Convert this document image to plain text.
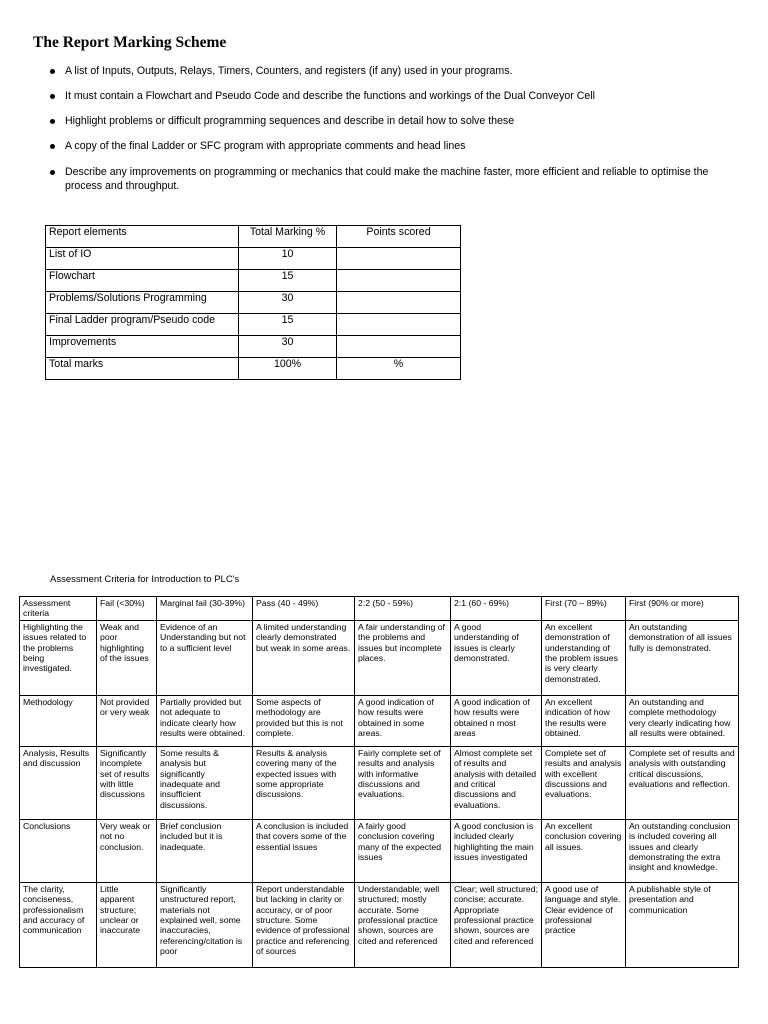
The Report Marking Scheme
A list of Inputs, Outputs, Relays, Timers, Counters, and registers (if any) used in your programs.
It must contain a Flowchart and Pseudo Code and describe the functions and workings of the Dual Conveyor Cell
Highlight problems or difficult programming sequences and describe in detail how to solve these
A copy of the final Ladder or SFC program with appropriate comments and head lines
Describe any improvements on programming or mechanics that could make the machine faster, more efficient and reliable to optimise the process and throughput.
Report elements	Total Marking %	Points scored
List of IO	10	
Flowchart	15	
Problems/Solutions Programming	30	
Final Ladder program/Pseudo code	15	
Improvements	30	
Total marks	100%	%
Assessment Criteria for Introduction to PLC's
Assessment criteria	Fail (<30%)	Marginal fail (30-39%)	Pass (40 - 49%)	2:2 (50 - 59%)	2:1 (60 - 69%)	First (70 – 89%)	First (90% or more)
Highlighting the issues related to the problems being investigated.	Weak and poor highlighting of the issues	Evidence of an Understanding but not to a sufficient level	A limited understanding clearly demonstrated but weak in some areas.	A fair understanding of the problems and issues but incomplete places.	A good understanding of issues is clearly demonstrated.	An excellent demonstration of understanding of the problem issues is very clearly demonstrated.	An outstanding demonstration of all issues fully is demonstrated.
Methodology	Not provided or very weak	Partially provided but not adequate to indicate clearly how results were obtained.	Some aspects of methodology are provided but this is not complete.	A good indication of how results were obtained in some areas.	A good indication of how results were obtained n most areas	An excellent indication of how the results were obtained.	An outstanding and complete methodology very clearly indicating how all results were obtained.
Analysis, Results and discussion	Significantly incomplete set of results with little discussions	Some results & analysis but significantly inadequate and insufficient discussions.	Results & analysis covering many of the expected issues with some appropriate discussions.	Fairly complete set of results and analysis with informative discussions and evaluations.	Almost complete set of results and analysis with detailed and critical discussions and evaluations.	Complete set of results and analysis with excellent discussions and evaluations.	Complete set of results and analysis with outstanding critical discussions, evaluations and reflection.
Conclusions	Very weak or not no conclusion.	Brief conclusion included but it is inadequate.	A conclusion is included that covers some of the essential issues	A fairly good conclusion covering many of the expected issues	A good conclusion is included clearly highlighting the main issues investigated	An excellent conclusion covering all issues.	An outstanding conclusion is included covering all issues and clearly demonstrating the extra insight and knowledge.
The clarity, conciseness, professionalism and accuracy of communication	Little apparent structure; unclear or inaccurate	Significantly unstructured report, materials not explained well, some inaccuracies, referencing/citation is poor	Report understandable but lacking in clarity or accuracy, or of poor structure. Some evidence of professional practice and referencing of sources	Understandable; well structured; mostly accurate. Some professional practice shown, sources are cited and referenced	Clear; well structured; concise; accurate. Appropriate professional practice shown, sources are cited and referenced	A good use of language and style. Clear evidence of professional practice	A publishable style of presentation and communication
